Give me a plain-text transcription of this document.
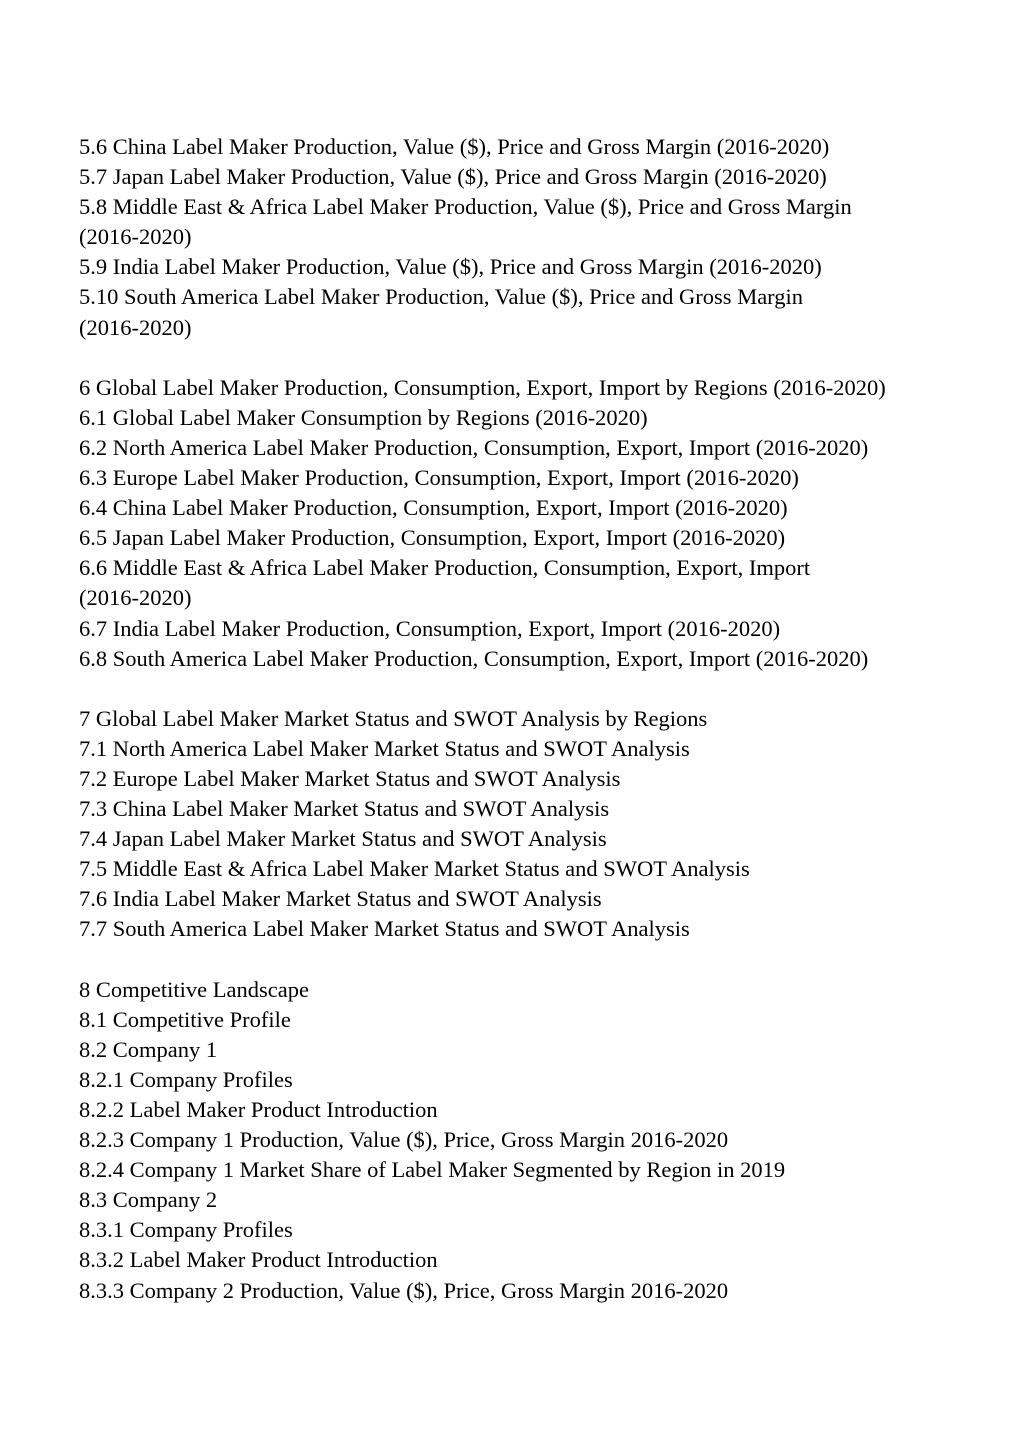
5.6 China Label Maker Production, Value ($), Price and Gross Margin (2016-2020)
5.7 Japan Label Maker Production, Value ($), Price and Gross Margin (2016-2020)
5.8 Middle East & Africa Label Maker Production, Value ($), Price and Gross Margin
(2016-2020)
5.9 India Label Maker Production, Value ($), Price and Gross Margin (2016-2020)
5.10 South America Label Maker Production, Value ($), Price and Gross Margin
(2016-2020)
6 Global Label Maker Production, Consumption, Export, Import by Regions (2016-2020)
6.1 Global Label Maker Consumption by Regions (2016-2020)
6.2 North America Label Maker Production, Consumption, Export, Import (2016-2020)
6.3 Europe Label Maker Production, Consumption, Export, Import (2016-2020)
6.4 China Label Maker Production, Consumption, Export, Import (2016-2020)
6.5 Japan Label Maker Production, Consumption, Export, Import (2016-2020)
6.6 Middle East & Africa Label Maker Production, Consumption, Export, Import
(2016-2020)
6.7 India Label Maker Production, Consumption, Export, Import (2016-2020)
6.8 South America Label Maker Production, Consumption, Export, Import (2016-2020)
7 Global Label Maker Market Status and SWOT Analysis by Regions
7.1 North America Label Maker Market Status and SWOT Analysis
7.2 Europe Label Maker Market Status and SWOT Analysis
7.3 China Label Maker Market Status and SWOT Analysis
7.4 Japan Label Maker Market Status and SWOT Analysis
7.5 Middle East & Africa Label Maker Market Status and SWOT Analysis
7.6 India Label Maker Market Status and SWOT Analysis
7.7 South America Label Maker Market Status and SWOT Analysis
8 Competitive Landscape
8.1 Competitive Profile
8.2 Company 1
8.2.1 Company Profiles
8.2.2 Label Maker Product Introduction
8.2.3 Company 1 Production, Value ($), Price, Gross Margin 2016-2020
8.2.4 Company 1 Market Share of Label Maker Segmented by Region in 2019
8.3 Company 2
8.3.1 Company Profiles
8.3.2 Label Maker Product Introduction
8.3.3 Company 2 Production, Value ($), Price, Gross Margin 2016-2020
